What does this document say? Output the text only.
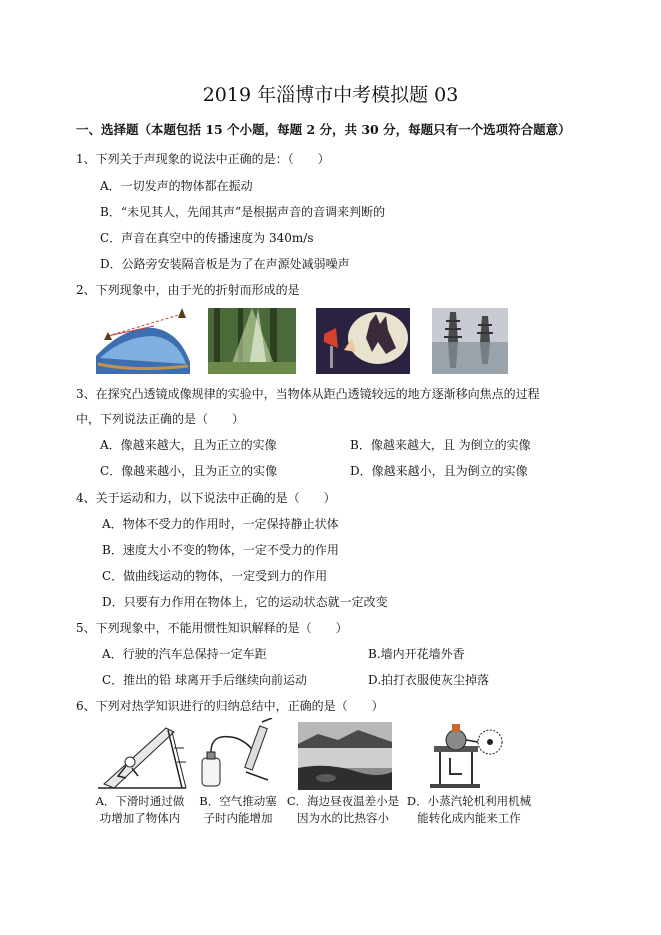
2019 年淄博市中考模拟题 03
一、选择题（本题包括 15 个小题，每题 2 分，共 30 分，每题只有一个选项符合题意）
1、下列关于声现象的说法中正确的是：（　　）
A．一切发声的物体都在振动
B．“未见其人，先闻其声”是根据声音的音调来判断的
C．声音在真空中的传播速度为 340m/s
D．公路旁安装隔音板是为了在声源处减弱噪声
2、下列现象中，由于光的折射而形成的是
3、在探究凸透镜成像规律的实验中，当物体从距凸透镜较远的地方逐渐移向焦点的过程
中，下列说法正确的是（　　）
A．像越来越大，且为正立的实像	B．像越来越大，且 为倒立的实像
C．像越来越小，且为正立的实像	D．像越来越小，且为倒立的实像
4、关于运动和力，以下说法中正确的是（　　）
A．物体不受力的作用时，一定保持静止状体
B．速度大小不变的物体，一定不受力的作用
C．做曲线运动的物体，一定受到力的作用
D．只要有力作用在物体上，它的运动状态就一定改变
5、下列现象中，不能用惯性知识解释的是（　　）
A．行驶的汽车总保持一定车距	B.墙内开花墙外香
C．推出的铅 球离开手后继续向前运动	D.拍打衣服使灰尘掉落
6、下列对热学知识进行的归纳总结中，正确的是（　　）
A．下滑时通过做
功增加了物体内
B．空气推动塞
子时内能增加
C．海边昼夜温差小是
因为水的比热容小
D．小蒸汽轮机利用机械
能转化成内能来工作
